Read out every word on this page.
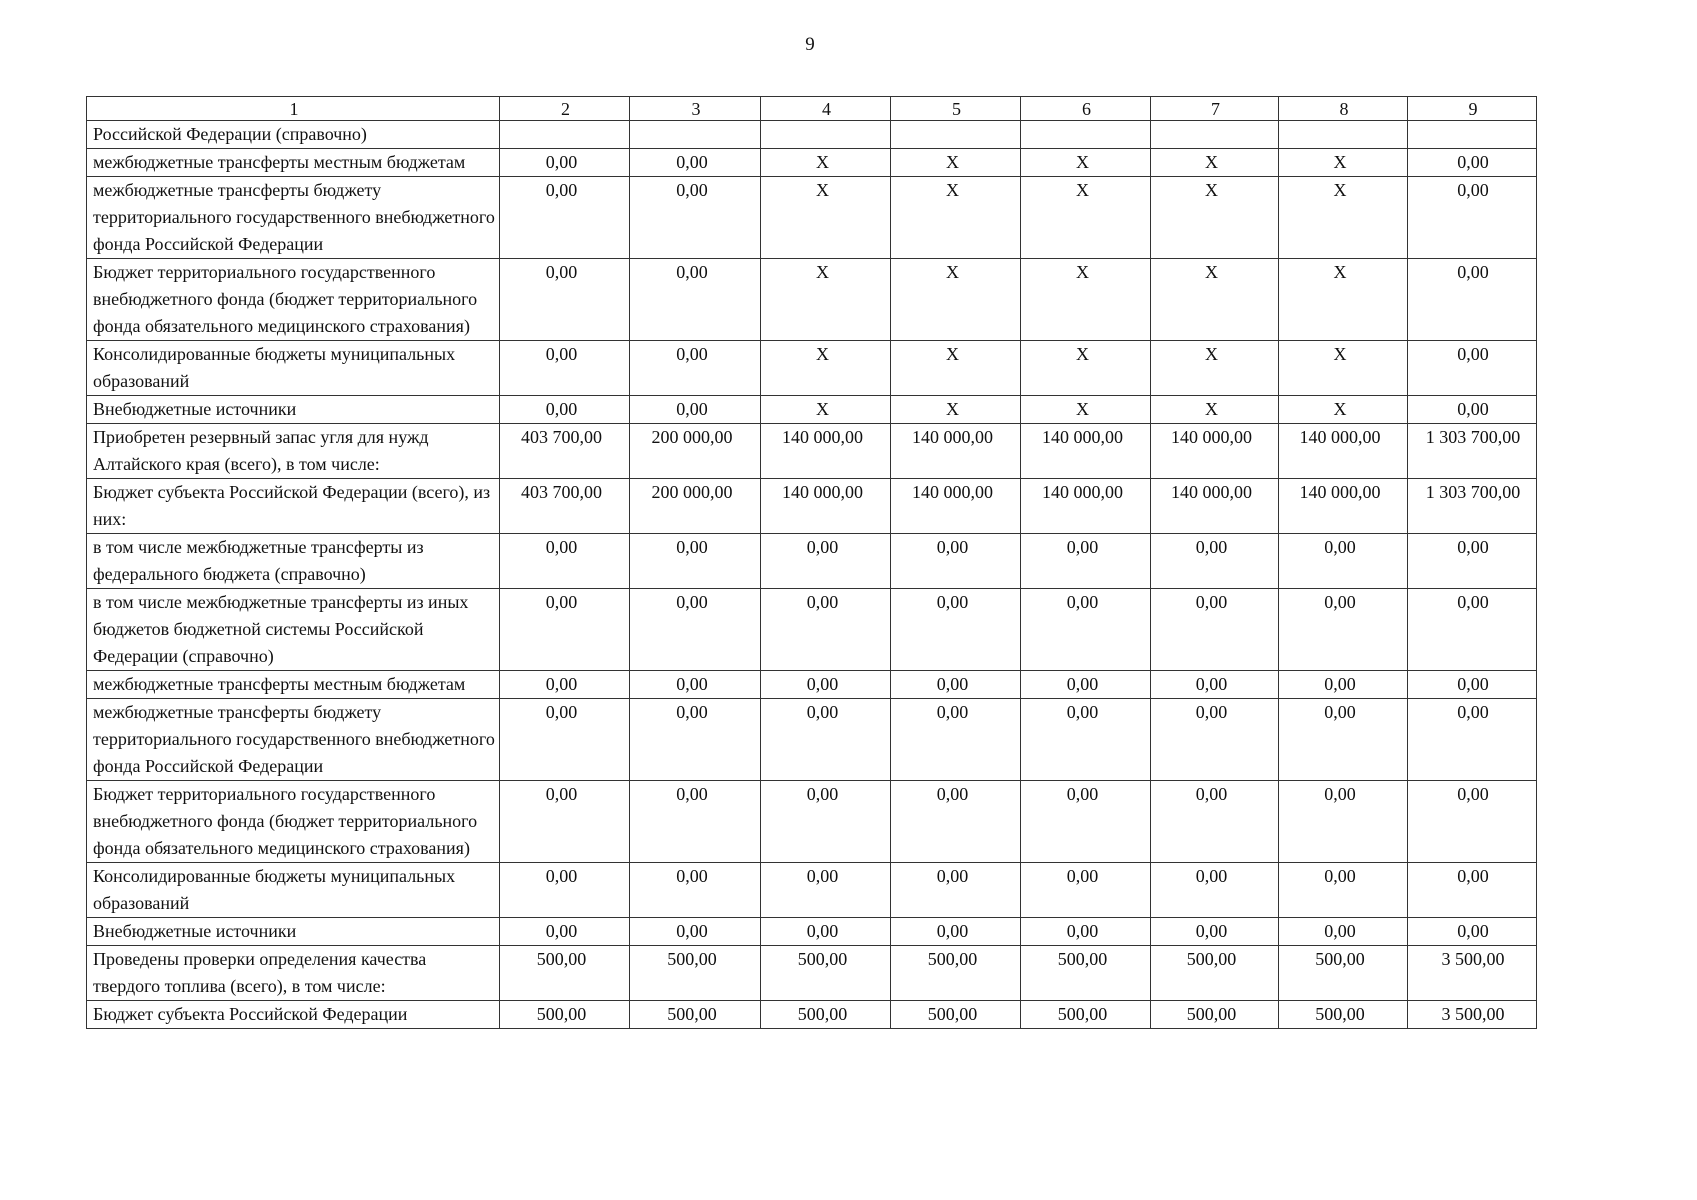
9
1	2	3	4	5	6	7	8	9
Российской Федерации (справочно)								
межбюджетные трансферты местным бюджетам	0,00	0,00	X	X	X	X	X	0,00
межбюджетные трансферты бюджету территориального государственного внебюджетного фонда Российской Федерации	0,00	0,00	X	X	X	X	X	0,00
Бюджет территориального государственного внебюджетного фонда (бюджет территориального фонда обязательного медицинского страхования)	0,00	0,00	X	X	X	X	X	0,00
Консолидированные бюджеты муниципальных образований	0,00	0,00	X	X	X	X	X	0,00
Внебюджетные источники	0,00	0,00	X	X	X	X	X	0,00
Приобретен резервный запас угля для нужд Алтайского края (всего), в том числе:	403 700,00	200 000,00	140 000,00	140 000,00	140 000,00	140 000,00	140 000,00	1 303 700,00
Бюджет субъекта Российской Федерации (всего), из них:	403 700,00	200 000,00	140 000,00	140 000,00	140 000,00	140 000,00	140 000,00	1 303 700,00
в том числе межбюджетные трансферты из федерального бюджета (справочно)	0,00	0,00	0,00	0,00	0,00	0,00	0,00	0,00
в том числе межбюджетные трансферты из иных бюджетов бюджетной системы Российской Федерации (справочно)	0,00	0,00	0,00	0,00	0,00	0,00	0,00	0,00
межбюджетные трансферты местным бюджетам	0,00	0,00	0,00	0,00	0,00	0,00	0,00	0,00
межбюджетные трансферты бюджету территориального государственного внебюджетного фонда Российской Федерации	0,00	0,00	0,00	0,00	0,00	0,00	0,00	0,00
Бюджет территориального государственного внебюджетного фонда (бюджет территориального фонда обязательного медицинского страхования)	0,00	0,00	0,00	0,00	0,00	0,00	0,00	0,00
Консолидированные бюджеты муниципальных образований	0,00	0,00	0,00	0,00	0,00	0,00	0,00	0,00
Внебюджетные источники	0,00	0,00	0,00	0,00	0,00	0,00	0,00	0,00
Проведены проверки определения качества твердого топлива (всего), в том числе:	500,00	500,00	500,00	500,00	500,00	500,00	500,00	3 500,00
Бюджет субъекта Российской Федерации	500,00	500,00	500,00	500,00	500,00	500,00	500,00	3 500,00
